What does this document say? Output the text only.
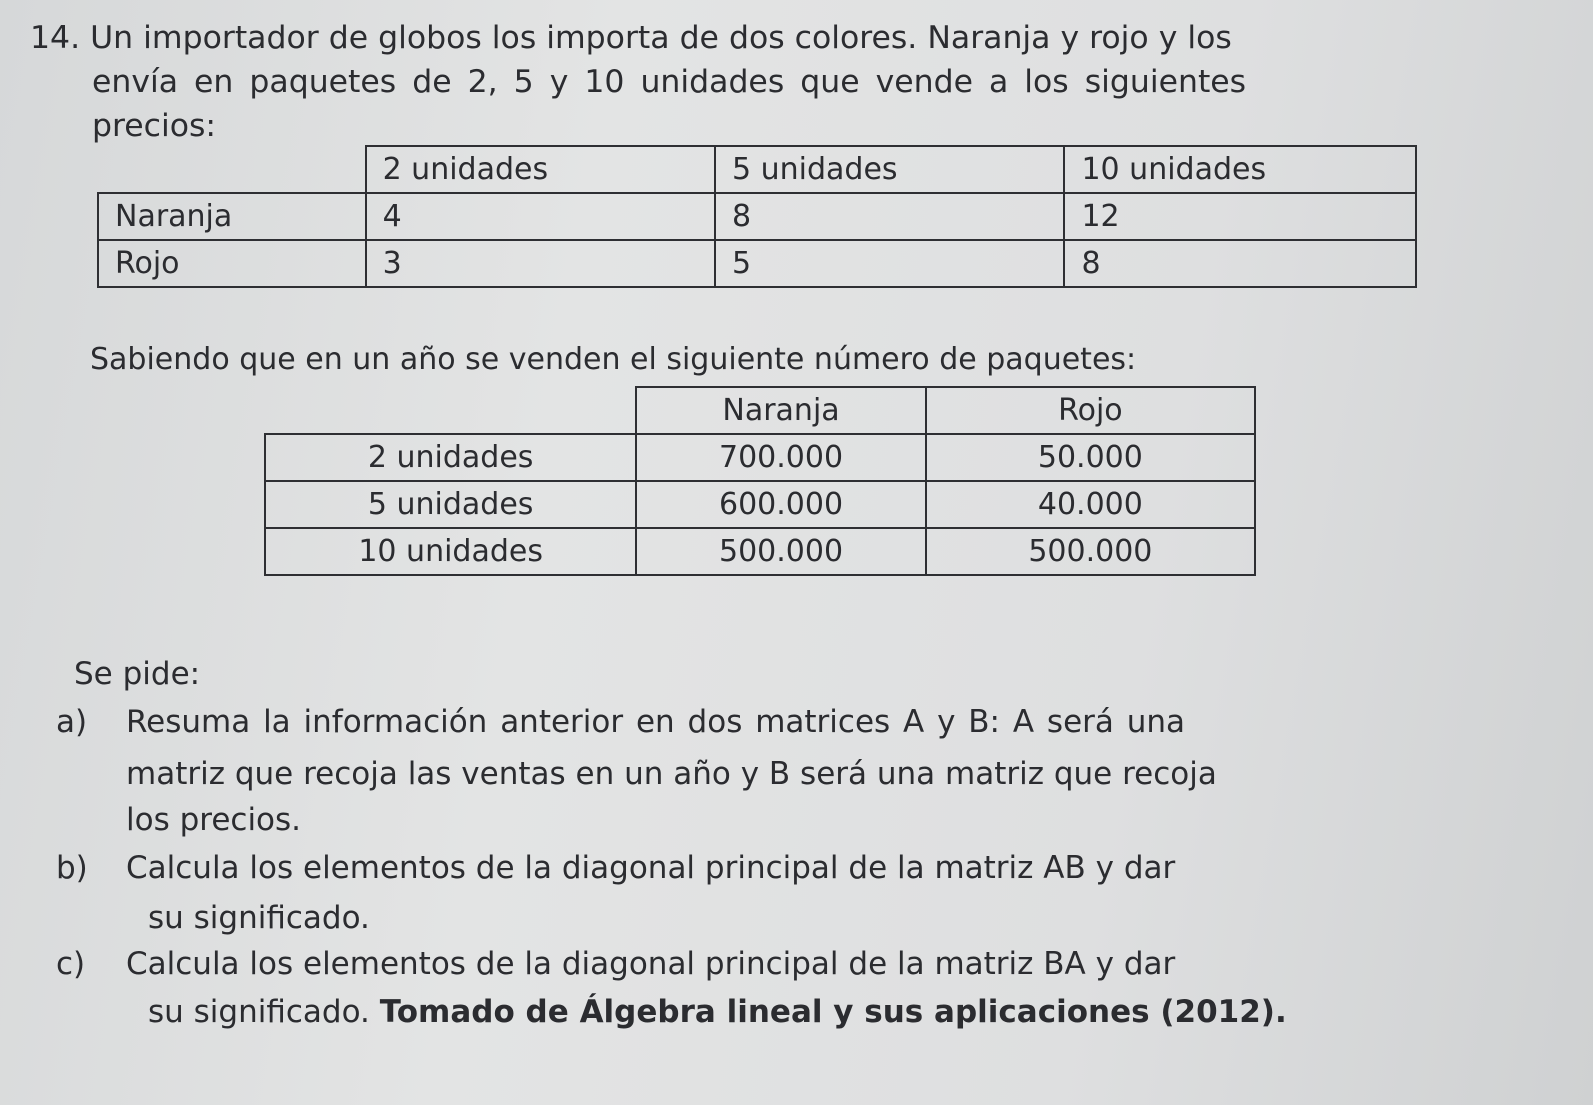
14. Un importador de globos los importa de dos colores. Naranja y rojo y los
envía en paquetes de 2, 5 y 10 unidades que vende a los siguientes
precios:
	2 unidades	5 unidades	10 unidades
Naranja	4	8	12
Rojo	3	5	8
Sabiendo que en un año se venden el siguiente número de paquetes:
	Naranja	Rojo
2 unidades	700.000	50.000
5 unidades	600.000	40.000
10 unidades	500.000	500.000
Se pide:
a) Resuma la información anterior en dos matrices A y B: A será una
matriz que recoja las ventas en un año y B será una matriz que recoja
los precios.
b) Calcula los elementos de la diagonal principal de la matriz AB y dar
su significado.
c) Calcula los elementos de la diagonal principal de la matriz BA y dar
su significado. Tomado de Álgebra lineal y sus aplicaciones (2012).
